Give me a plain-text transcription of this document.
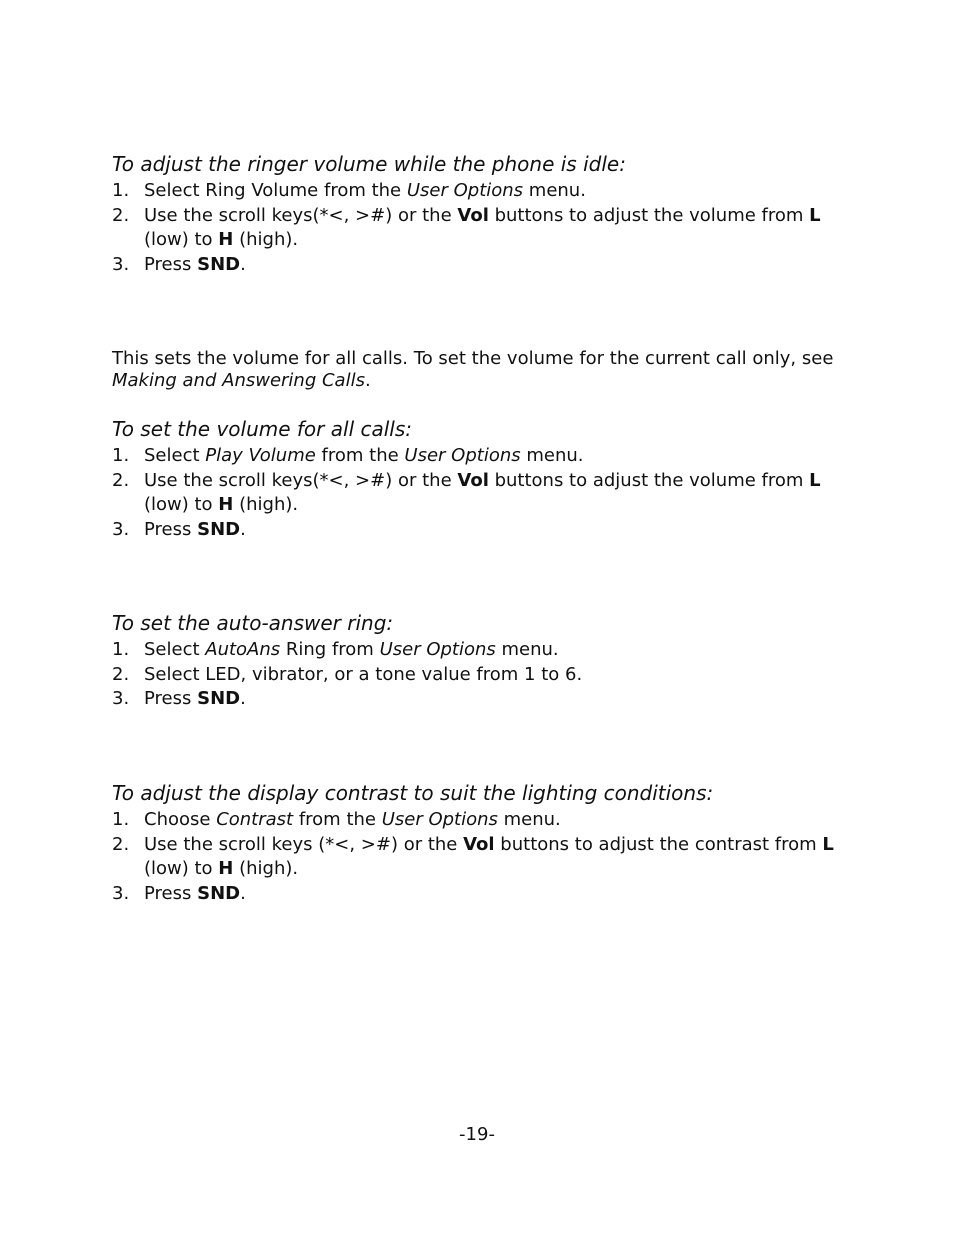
To adjust the ringer volume while the phone is idle:

1. Select Ring Volume from the User Options menu.
2. Use the scroll keys(*<, >#) or the Vol buttons to adjust the volume from L (low) to H (high).
3. Press SND.

This sets the volume for all calls. To set the volume for the current call only, see Making and Answering Calls.

To set the volume for all calls:

1. Select Play Volume from the User Options menu.
2. Use the scroll keys(*<, >#) or the Vol buttons to adjust the volume from L (low) to H (high).
3. Press SND.

To set the auto-answer ring:

1. Select AutoAns Ring from User Options menu.
2. Select LED, vibrator, or a tone value from 1 to 6.
3. Press SND.

To adjust the display contrast to suit the lighting conditions:

1. Choose Contrast from the User Options menu.
2. Use the scroll keys (*<, >#) or the Vol buttons to adjust the contrast from L (low) to H (high).
3. Press SND.
-19-
